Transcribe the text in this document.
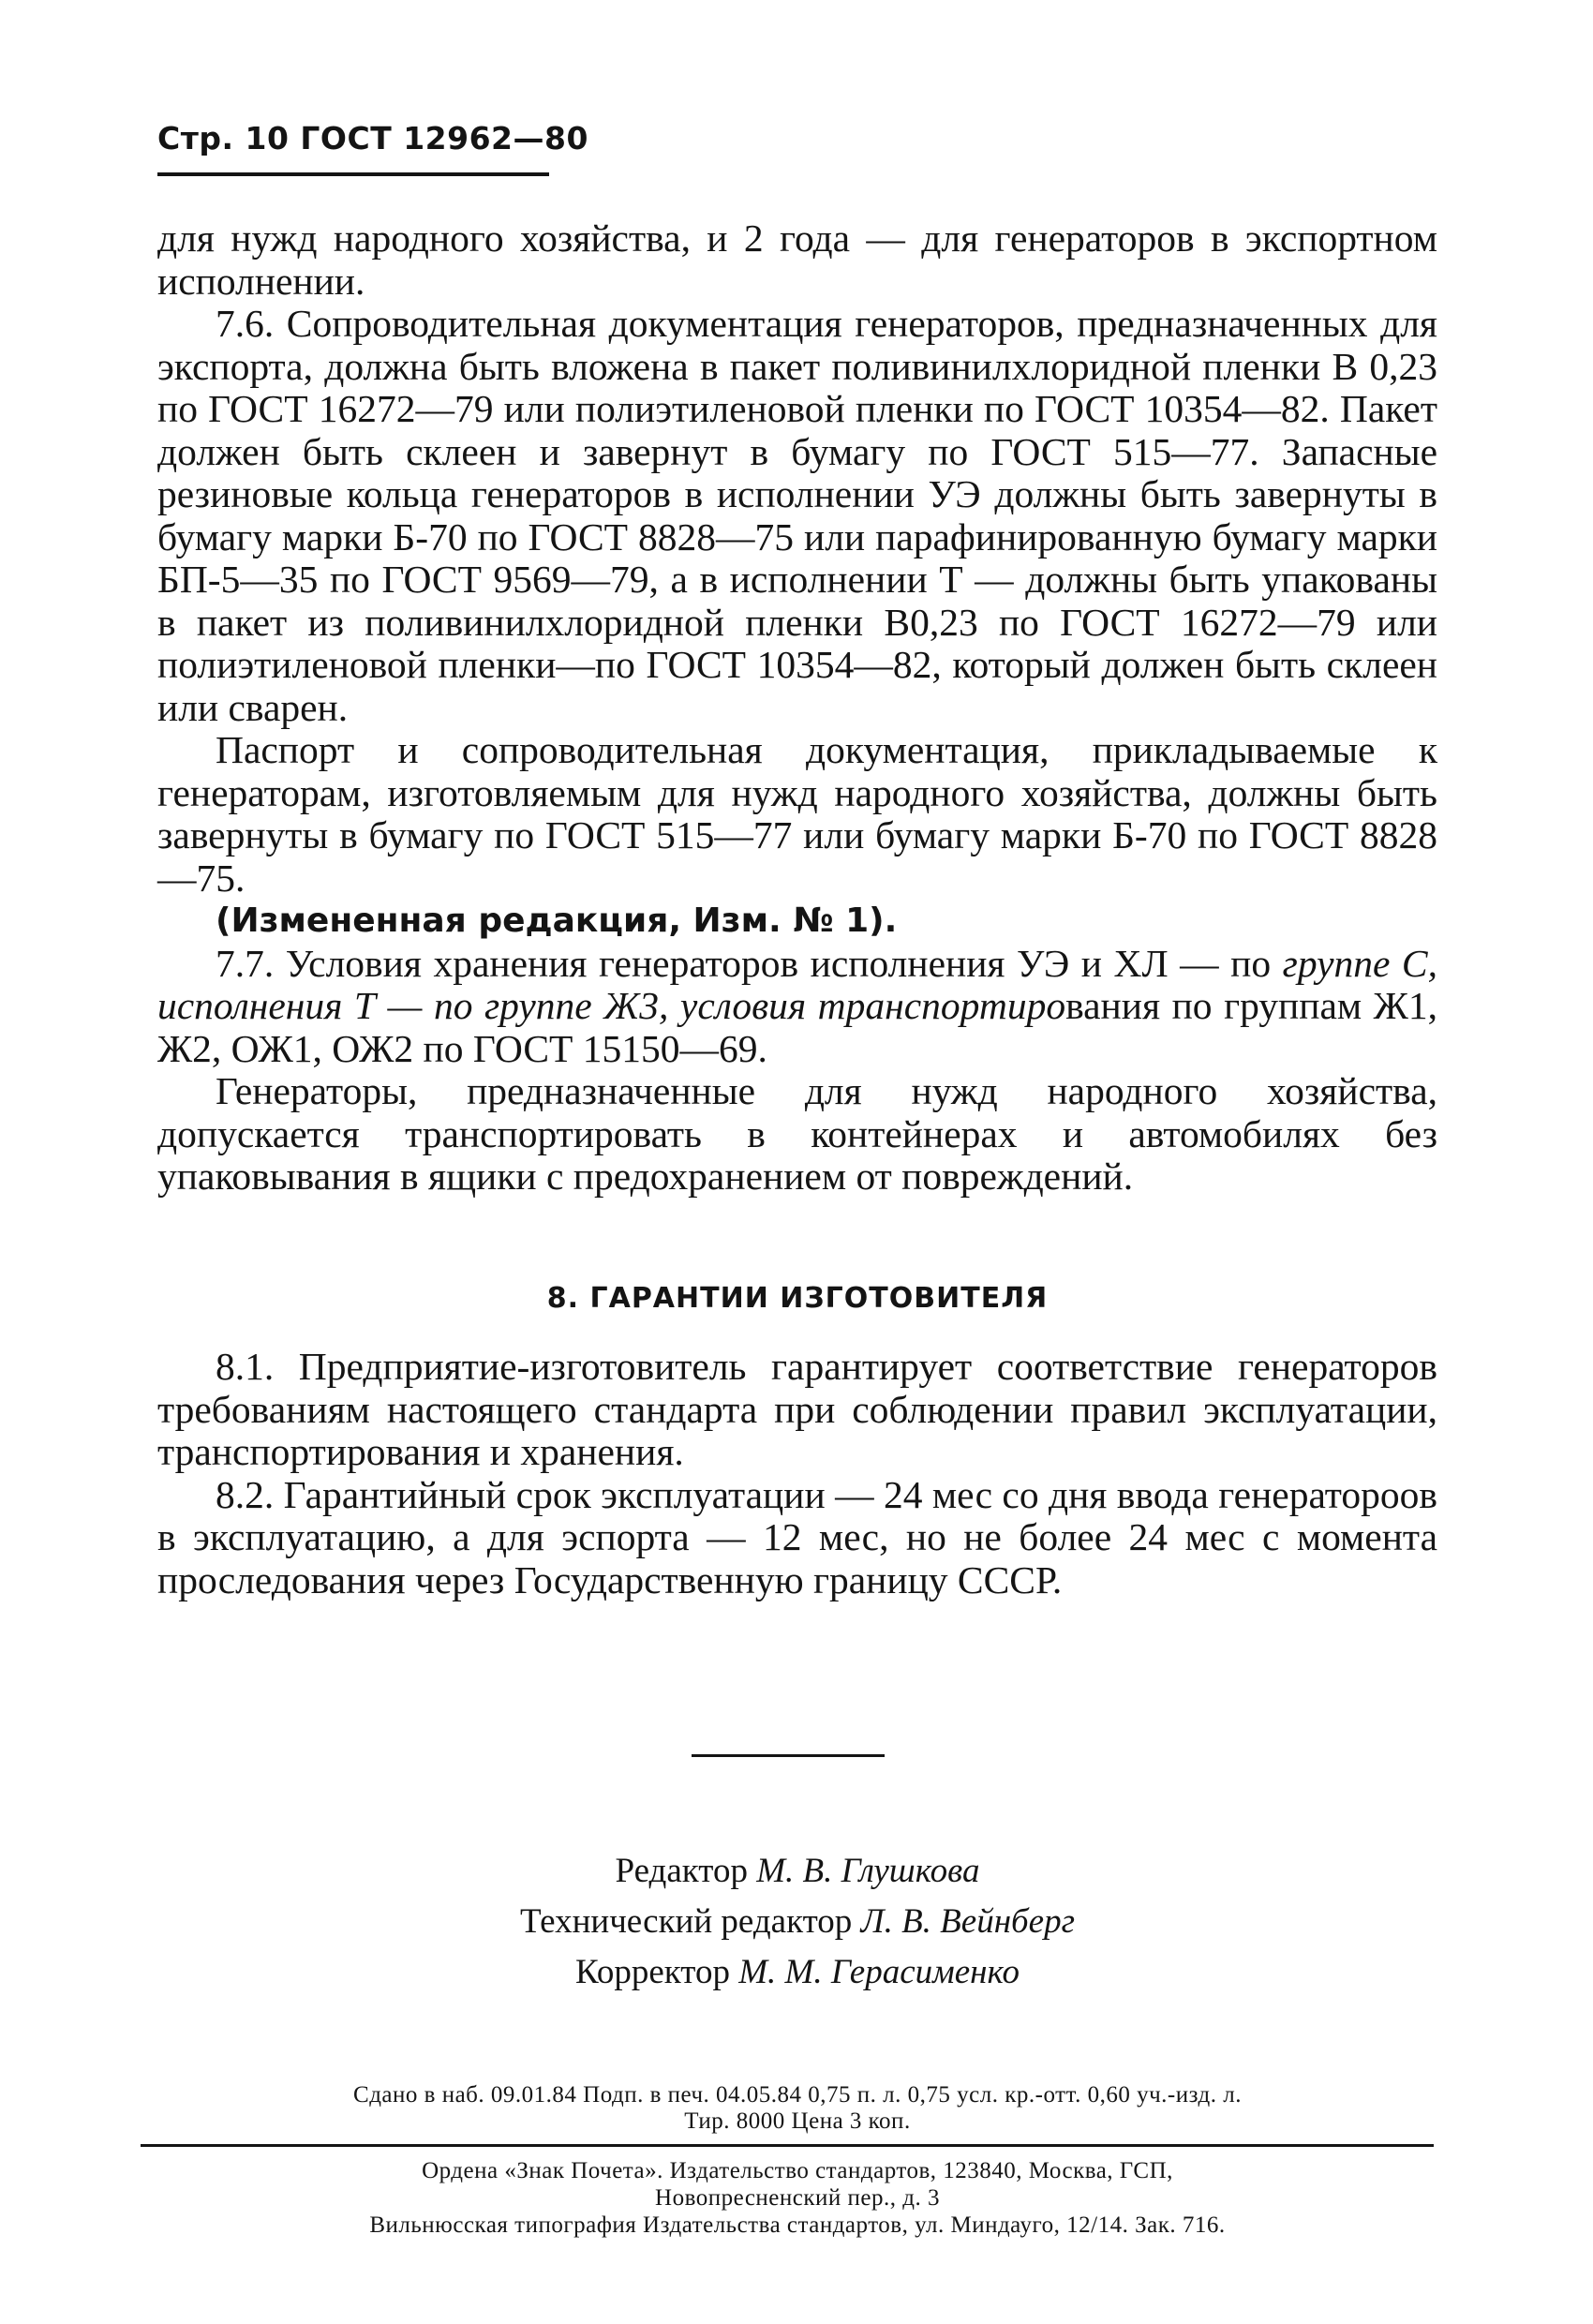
Стр. 10 ГОСТ 12962—80

для нужд народного хозяйства, и 2 года — для генераторов в экспортном исполнении.

7.6. Сопроводительная документация генераторов, предназначенных для экспорта, должна быть вложена в пакет поливинилхлоридной пленки В 0,23 по ГОСТ 16272—79 или полиэтиленовой пленки по ГОСТ 10354—82. Пакет должен быть склеен и завернут в бумагу по ГОСТ 515—77. Запасные резиновые кольца генераторов в исполнении УЭ должны быть завернуты в бумагу марки Б-70 по ГОСТ 8828—75 или парафинированную бумагу марки БП-5—35 по ГОСТ 9569—79, а в исполнении Т — должны быть упакованы в пакет из поливинилхлоридной пленки В0,23 по ГОСТ 16272—79 или полиэтиленовой пленки—по ГОСТ 10354—82, который должен быть склеен или сварен.

Паспорт и сопроводительная документация, прикладываемые к генераторам, изготовляемым для нужд народного хозяйства, должны быть завернуты в бумагу по ГОСТ 515—77 или бумагу марки Б-70 по ГОСТ 8828—75.

(Измененная редакция, Изм. № 1).

7.7. Условия хранения генераторов исполнения УЭ и ХЛ — по группе С, исполнения Т — по группе Ж3, условия транспортирования по группам Ж1, Ж2, ОЖ1, ОЖ2 по ГОСТ 15150—69.

Генераторы, предназначенные для нужд народного хозяйства, допускается транспортировать в контейнерах и автомобилях без упаковывания в ящики с предохранением от повреждений.

8. ГАРАНТИИ ИЗГОТОВИТЕЛЯ

8.1. Предприятие-изготовитель гарантирует соответствие генераторов требованиям настоящего стандарта при соблюдении правил эксплуатации, транспортирования и хранения.

8.2. Гарантийный срок эксплуатации — 24 мес со дня ввода генератороов в эксплуатацию, а для эспорта — 12 мес, но не более 24 мес с момента проследования через Государственную границу СССР.

Редактор М. В. Глушкова
Технический редактор Л. В. Вейнберг
Корректор М. М. Герасименко
Сдано в наб. 09.01.84 Подп. в печ. 04.05.84 0,75 п. л. 0,75 усл. кр.-отт. 0,60 уч.-изд. л.
Тир. 8000 Цена 3 коп.
Ордена «Знак Почета». Издательство стандартов, 123840, Москва, ГСП,
Новопресненский пер., д. 3
Вильнюсская типография Издательства стандартов, ул. Миндауго, 12/14. Зак. 716.
